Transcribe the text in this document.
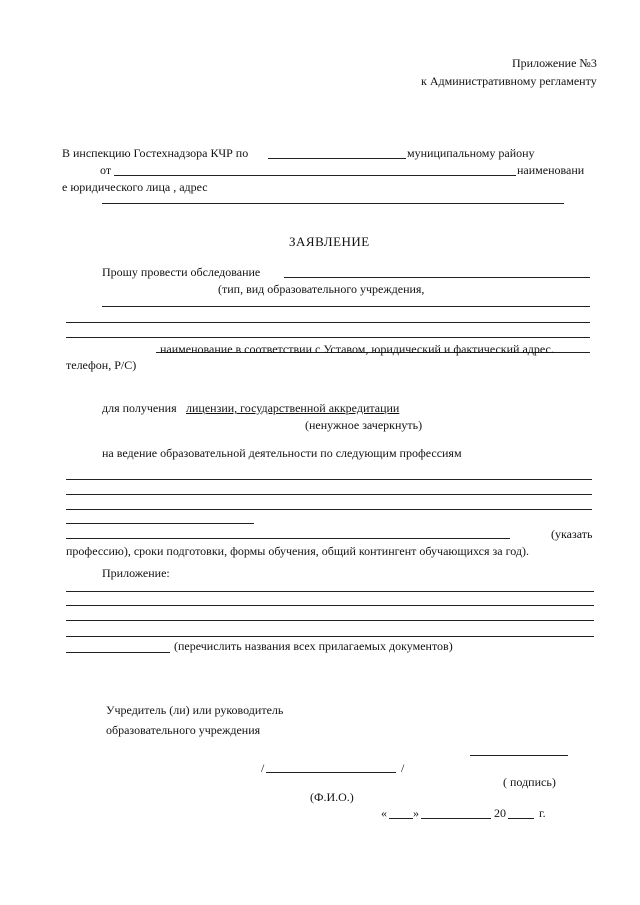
Приложение №3
к Административному регламенту
В инспекцию Гостехнадзора КЧР по	муниципальному району
от	наименовани
е юридического лица , адрес
ЗАЯВЛЕНИЕ
Прошу провести обследование
(тип, вид образовательного учреждения,
наименование в соответствии с Уставом, юридический и фактический адрес.
телефон, Р/С)
для получения лицензии, государственной аккредитации
(ненужное зачеркнуть)
на ведение образовательной деятельности по следующим профессиям
(указать
профессию), сроки подготовки, формы обучения, общий контингент обучающихся за год).
Приложение:
(перечислить названия всех прилагаемых документов)
Учредитель (ли) или руководитель
образовательного учреждения
/	/
( подпись)
(Ф.И.О.)
« »	20	г.
